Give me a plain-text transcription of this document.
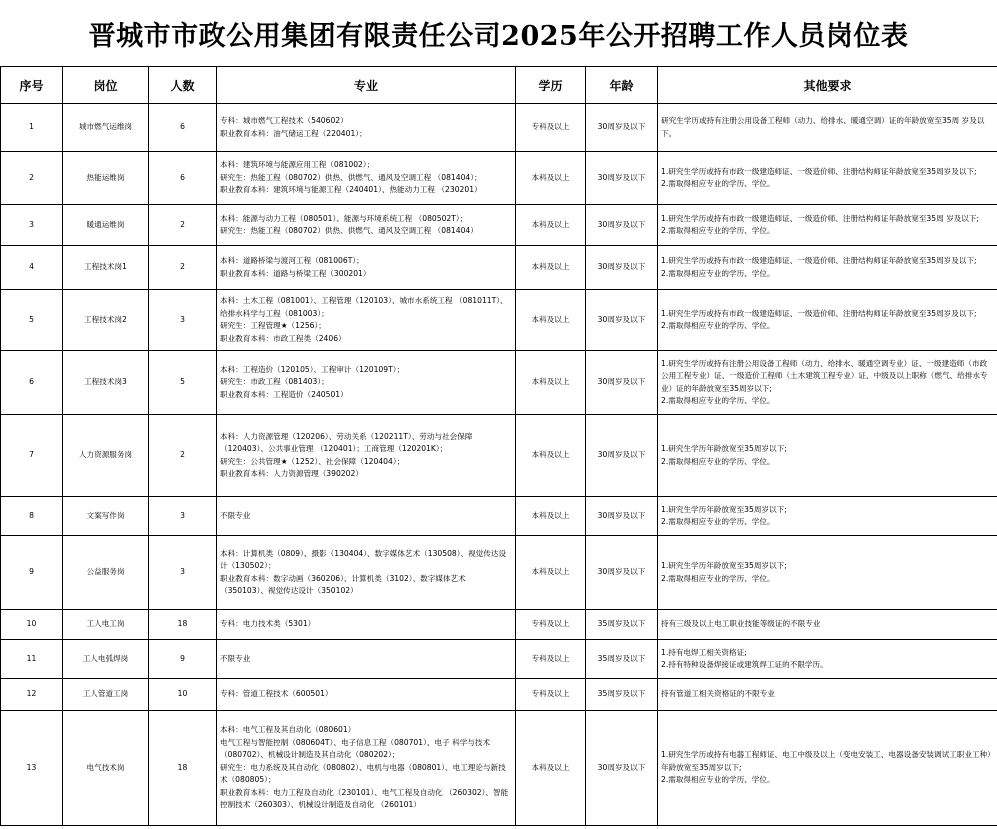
晋城市市政公用集团有限责任公司2025年公开招聘工作人员岗位表
序号	岗位	人数	专业	学历	年龄	其他要求
1	城市燃气运维岗	6	专科：城市燃气工程技术（540602）
职业教育本科：油气储运工程（220401）；	专科及以上	30周岁及以下	研究生学历或持有注册公用设备工程师（动力、给排水、暖通空调）证的年龄放宽至35周 岁及以下。

2	热能运维岗	6	本科：建筑环境与能源应用工程（081002）；
研究生：热能工程（080702）供热、供燃气、通风及空调工程 （081404）；
职业教育本科：建筑环境与能源工程（240401）、热能动力工程 （230201）	本科及以上	30周岁及以下	1.研究生学历或持有市政一级建造师证、一级造价师、注册结构师证年龄放宽至35周岁及以下;
2.需取得相应专业的学历、学位。

3	暖通运维岗	2	本科：能源与动力工程（080501）、能源与环境系统工程 （080502T）；
研究生：热能工程（080702）供热、供燃气、通风及空调工程 （081404）	本科及以上	30周岁及以下	1.研究生学历或持有市政一级建造师证、一级造价师、注册结构师证年龄放宽至35周 岁及以下;
2.需取得相应专业的学历、学位。

4	工程技术岗1	2	本科：道路桥梁与渡河工程（081006T）；
职业教育本科：道路与桥梁工程（300201）	本科及以上	30周岁及以下	1.研究生学历或持有市政一级建造师证、一级造价师、注册结构师证年龄放宽至35周岁及以下;
2.需取得相应专业的学历、学位。

5	工程技术岗2	3	本科：土木工程（081001）、工程管理（120103）、城市水系统工程 （081011T）、给排水科学与工程（081003）；
研究生：工程管理★（1256）；
职业教育本科：市政工程类（2406）	本科及以上	30周岁及以下	1.研究生学历或持有市政一级建造师证、一级造价师、注册结构师证年龄放宽至35周岁及以下;
2.需取得相应专业的学历、学位。

6	工程技术岗3	5	本科：工程造价（120105）、工程审计（120109T）；
研究生：市政工程（081403）；
职业教育本科：工程造价（240501）	本科及以上	30周岁及以下	1.研究生学历或持有注册公用设备工程师（动力、给排水、暖通空调专业）证、一级建造师（市政公用工程专业）证、一级造价工程师（土木建筑工程专业）证、中级及以上职称（燃气、给排水专业）证的年龄放宽至35周岁以下;
2.需取得相应专业的学历、学位。

7	人力资源服务岗	2	本科：人力资源管理（120206）、劳动关系（120211T）、劳动与社会保障（120403）、公共事业管理 （120401）；工商管理（120201K）；
研究生：公共管理★（1252）、社会保障（120404）；
职业教育本科：人力资源管理（390202）	本科及以上	30周岁及以下	1.研究生学历年龄放宽至35周岁以下;
2.需取得相应专业的学历、学位。

8	文案写作岗	3	不限专业	本科及以上	30周岁及以下	1.研究生学历年龄放宽至35周岁以下;
2.需取得相应专业的学历、学位。

9	公益服务岗	3	本科：计算机类（0809）、摄影（130404）、数字媒体艺术（130508）、视觉传达设计（130502）；
职业教育本科：数字动画（360206）、计算机类（3102）、数字媒体艺术（350103）、视觉传达设计（350102）	本科及以上	30周岁及以下	1.研究生学历年龄放宽至35周岁以下;
2.需取得相应专业的学历、学位。

10	工人电工岗	18	专科：电力技术类（5301）	专科及以上	35周岁及以下	持有三级及以上电工职业技能等级证的不限专业

11	工人电弧焊岗	9	不限专业	专科及以上	35周岁及以下	1.持有电焊工相关资格证;
2.持有特种设备焊接证或建筑焊工证的不限学历。

12	工人管道工岗	10	专科：管道工程技术（600501）	专科及以上	35周岁及以下	持有管道工相关资格证的不限专业

13	电气技术岗	18	本科：电气工程及其自动化（080601）
电气工程与智能控制（080604T）、电子信息工程（080701）、电子 科学与技术（080702）、机械设计制造及其自动化（080202）；
研究生：电力系统及其自动化（080802）、电机与电器（080801）、电工理论与新技术（080805）；
职业教育本科：电力工程及自动化（230101）、电气工程及自动化 （260302）、智能控制技术（260303）、机械设计制造及自动化 （260101）	本科及以上	30周岁及以下	1.研究生学历或持有电器工程师证、电工中级及以上（变电安装工、电器设备安装调试工职业工种）年龄放宽至35周岁以下;
2.需取得相应专业的学历、学位。
